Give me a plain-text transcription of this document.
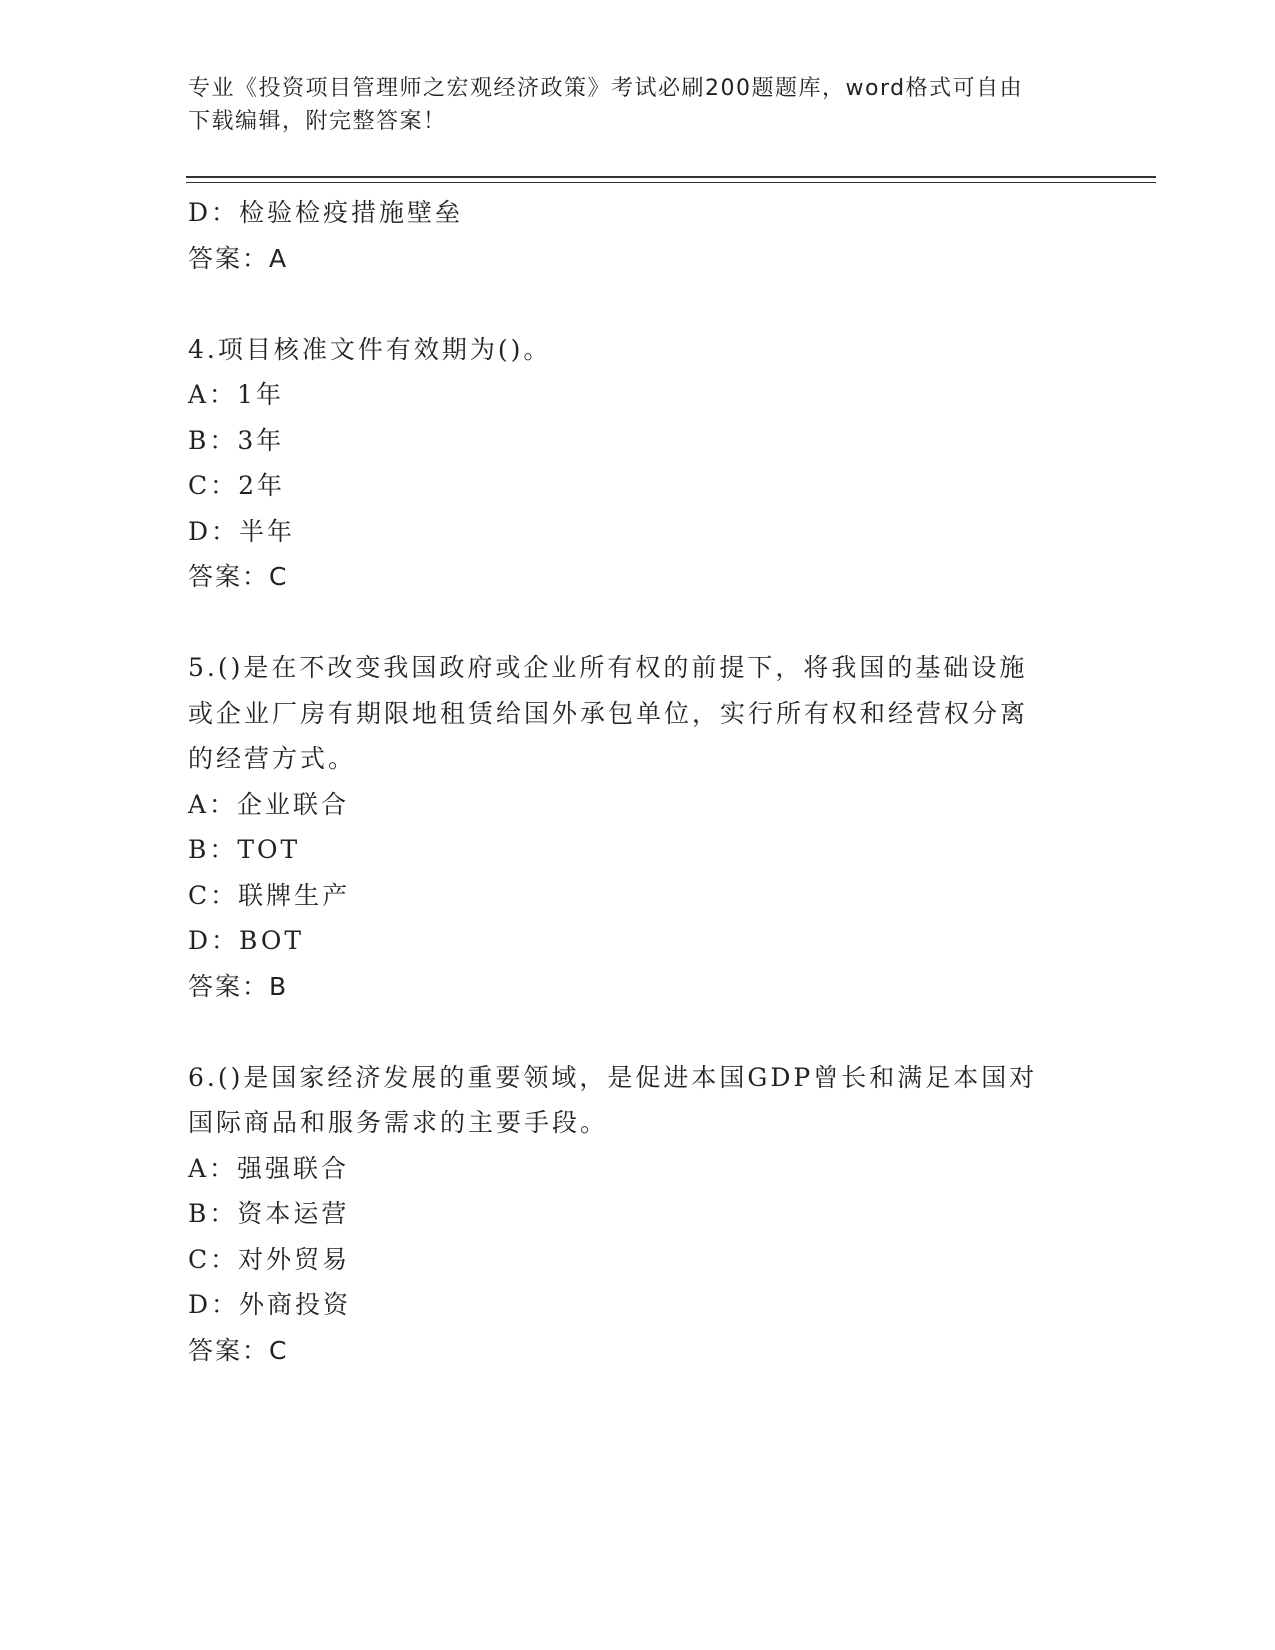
专业《投资项目管理师之宏观经济政策》考试必刷200题题库，word格式可自由
下载编辑，附完整答案！
D：检验检疫措施壁垒
答案：A
4.项目核准文件有效期为()。
A：1年
B：3年
C：2年
D：半年
答案：C
5.()是在不改变我国政府或企业所有权的前提下，将我国的基础设施
或企业厂房有期限地租赁给国外承包单位，实行所有权和经营权分离
的经营方式。
A：企业联合
B：TOT
C：联牌生产
D：BOT
答案：B
6.()是国家经济发展的重要领域，是促进本国GDP曾长和满足本国对
国际商品和服务需求的主要手段。
A：强强联合
B：资本运营
C：对外贸易
D：外商投资
答案：C
